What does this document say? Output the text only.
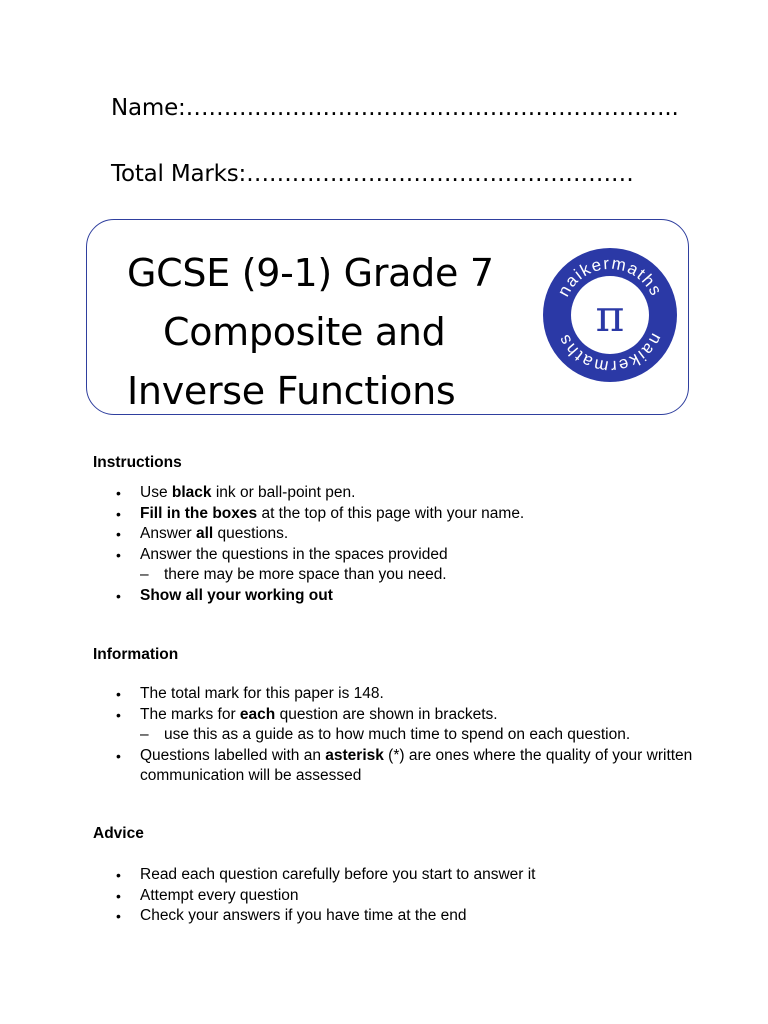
Name:………………………………………………………..
Total Marks:……………………………………………
GCSE (9-1) Grade 7
Composite and
Inverse Functions
naikermaths
naikermaths π
Instructions
• Use black ink or ball-point pen.
• Fill in the boxes at the top of this page with your name.
• Answer all questions.
• Answer the questions in the spaces provided
– there may be more space than you need.
• Show all your working out
Information
• The total mark for this paper is 148.
• The marks for each question are shown in brackets.
– use this as a guide as to how much time to spend on each question.
• Questions labelled with an asterisk (*) are ones where the quality of your written communication will be assessed
Advice
• Read each question carefully before you start to answer it
• Attempt every question
• Check your answers if you have time at the end
